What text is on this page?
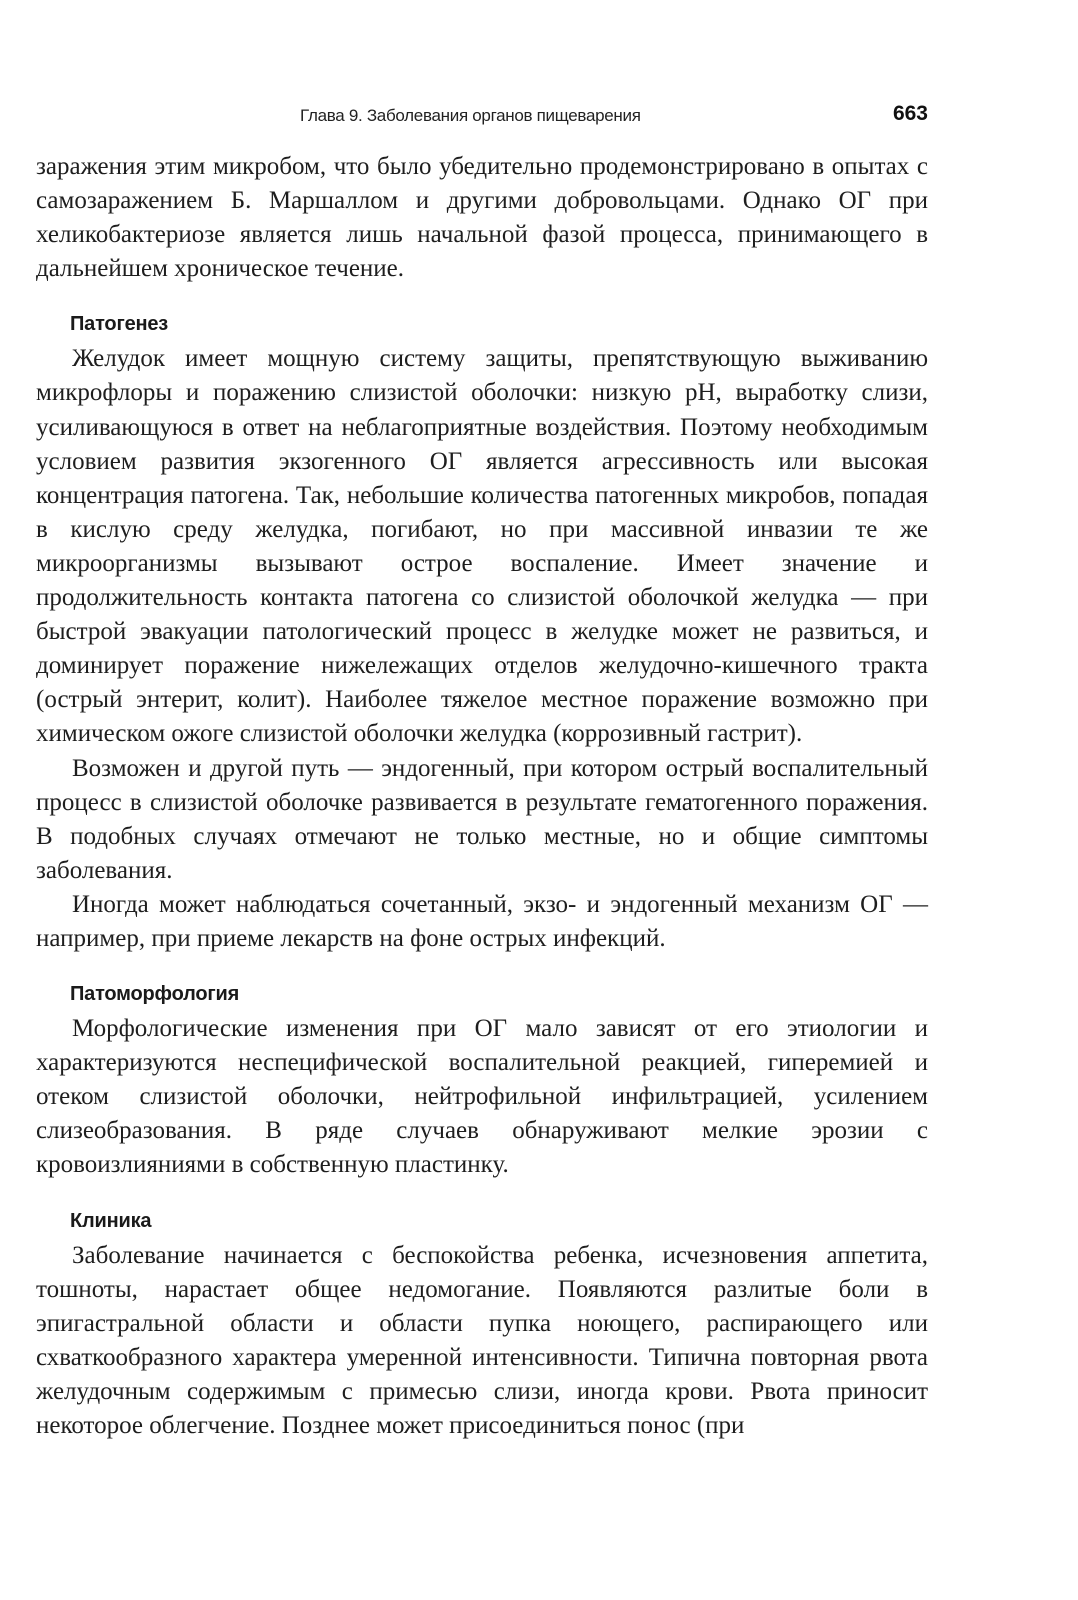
Глава 9. Заболевания органов пищеварения	663

заражения этим микробом, что было убедительно продемонстрировано в опытах с самозаражением Б. Маршаллом и другими добровольцами. Однако ОГ при хеликобактериозе является лишь начальной фазой процесса, принимающего в дальнейшем хроническое течение.

Патогенез

Желудок имеет мощную систему защиты, препятствующую выживанию микрофлоры и поражению слизистой оболочки: низкую pH, выработку слизи, усиливающуюся в ответ на неблагоприятные воздействия. Поэтому необходимым условием развития экзогенного ОГ является агрессивность или высокая концентрация патогена. Так, небольшие количества патогенных микробов, попадая в кислую среду желудка, погибают, но при массивной инвазии те же микроорганизмы вызывают острое воспаление. Имеет значение и продолжительность контакта патогена со слизистой оболочкой желудка — при быстрой эвакуации патологический процесс в желудке может не развиться, и доминирует поражение нижележащих отделов желудочно-кишечного тракта (острый энтерит, колит). Наиболее тяжелое местное поражение возможно при химическом ожоге слизистой оболочки желудка (коррозивный гастрит).

Возможен и другой путь — эндогенный, при котором острый воспалительный процесс в слизистой оболочке развивается в результате гематогенного поражения. В подобных случаях отмечают не только местные, но и общие симптомы заболевания.

Иногда может наблюдаться сочетанный, экзо- и эндогенный механизм ОГ — например, при приеме лекарств на фоне острых инфекций.

Патоморфология

Морфологические изменения при ОГ мало зависят от его этиологии и характеризуются неспецифической воспалительной реакцией, гиперемией и отеком слизистой оболочки, нейтрофильной инфильтрацией, усилением слизеобразования. В ряде случаев обнаруживают мелкие эрозии с кровоизлияниями в собственную пластинку.

Клиника

Заболевание начинается с беспокойства ребенка, исчезновения аппетита, тошноты, нарастает общее недомогание. Появляются разлитые боли в эпигастральной области и области пупка ноющего, распирающего или схваткообразного характера умеренной интенсивности. Типична повторная рвота желудочным содержимым с примесью слизи, иногда крови. Рвота приносит некоторое облегчение. Позднее может присоединиться понос (при
